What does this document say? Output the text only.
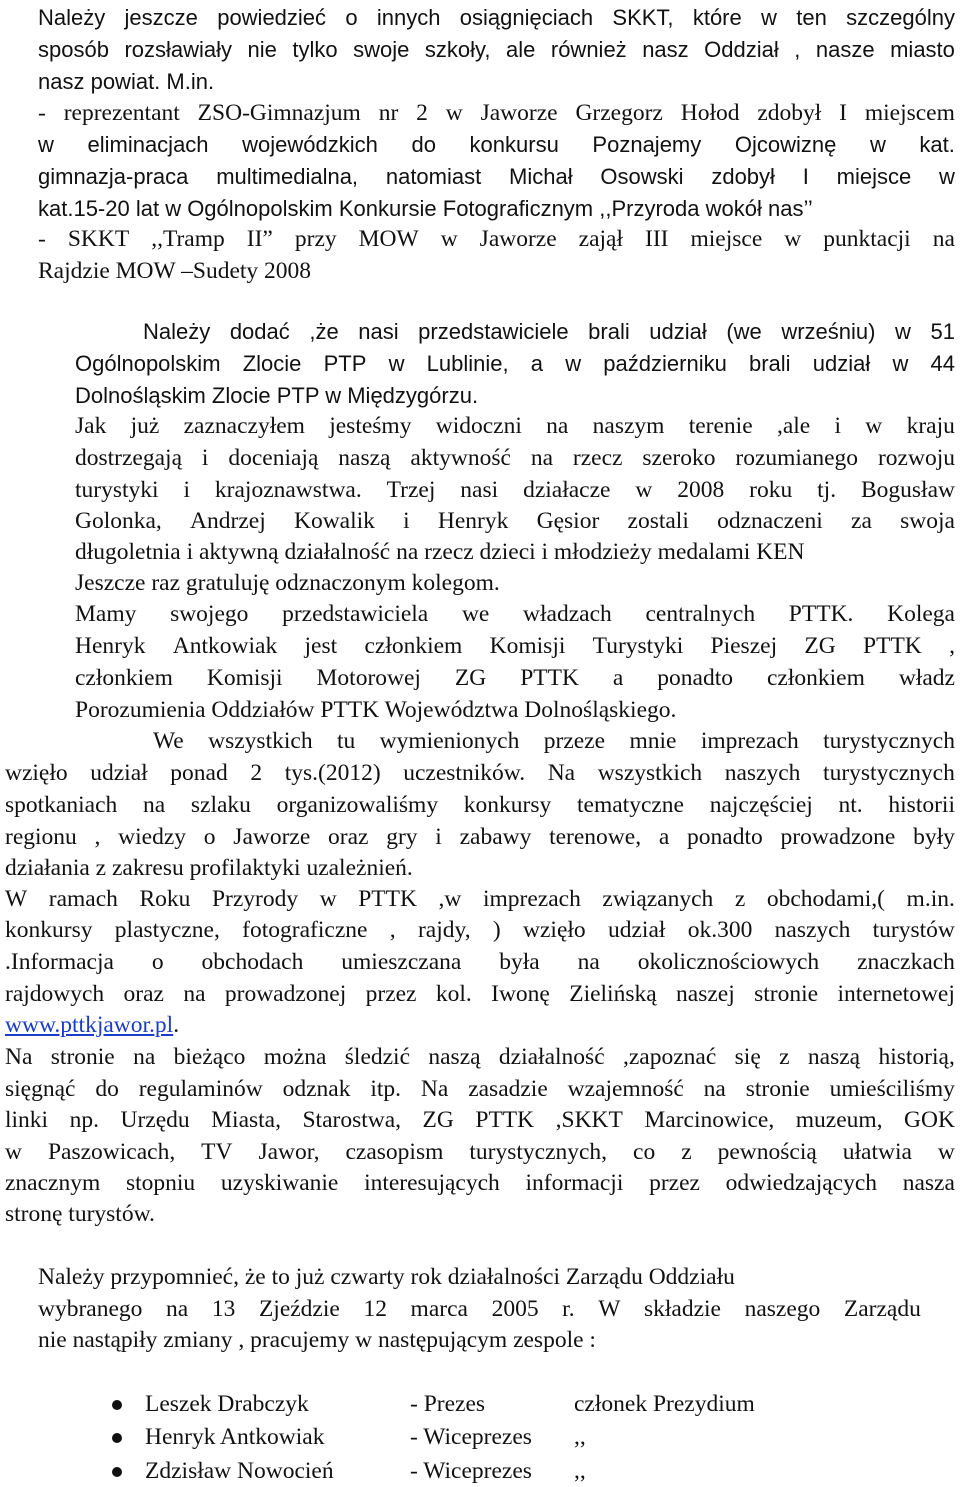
Należy jeszcze powiedzieć o innych osiągnięciach SKKT, które w ten szczególny

sposób rozsławiały nie tylko swoje szkoły, ale również nasz Oddział , nasze miasto

nasz powiat. M.in.

- reprezentant ZSO-Gimnazjum nr 2 w Jaworze Grzegorz Hołod zdobył I miejscem

w eliminacjach wojewódzkich do konkursu Poznajemy Ojcowiznę w kat.

gimnazja-praca multimedialna, natomiast Michał Osowski zdobył I miejsce w

kat.15-20 lat w Ogólnopolskim Konkursie Fotograficznym ,,Przyroda wokół nas’’

- SKKT ,,Tramp II” przy MOW w Jaworze zajął III miejsce w punktacji na

Rajdzie MOW –Sudety 2008

Należy dodać ,że nasi przedstawiciele brali udział (we wrześniu) w 51

Ogólnopolskim Zlocie PTP w Lublinie, a w październiku brali udział w 44

Dolnośląskim Zlocie PTP w Międzygórzu.

Jak już zaznaczyłem jesteśmy widoczni na naszym terenie ,ale i w kraju

dostrzegają i doceniają naszą aktywność na rzecz szeroko rozumianego rozwoju

turystyki i krajoznawstwa. Trzej nasi działacze w 2008 roku tj. Bogusław

Golonka, Andrzej Kowalik i Henryk Gęsior zostali odznaczeni za swoja

długoletnia i aktywną działalność na rzecz dzieci i młodzieży medalami KEN

Jeszcze raz gratuluję odznaczonym kolegom.

Mamy swojego przedstawiciela we władzach centralnych PTTK. Kolega

Henryk Antkowiak jest członkiem Komisji Turystyki Pieszej ZG PTTK ,

członkiem Komisji Motorowej ZG PTTK a ponadto członkiem władz

Porozumienia Oddziałów PTTK Województwa Dolnośląskiego.

We wszystkich tu wymienionych przeze mnie imprezach turystycznych

wzięło udział ponad 2 tys.(2012) uczestników. Na wszystkich naszych turystycznych

spotkaniach na szlaku organizowaliśmy konkursy tematyczne najczęściej nt. historii

regionu , wiedzy o Jaworze oraz gry i zabawy terenowe, a ponadto prowadzone były

działania z zakresu profilaktyki uzależnień.

W ramach Roku Przyrody w PTTK ,w imprezach związanych z obchodami,( m.in.

konkursy plastyczne, fotograficzne , rajdy, ) wzięło udział ok.300 naszych turystów

.Informacja o obchodach umieszczana była na okolicznościowych znaczkach

rajdowych oraz na prowadzonej przez kol. Iwonę Zielińską naszej stronie internetowej

Na stronie na bieżąco można śledzić naszą działalność ,zapoznać się z naszą historią,

sięgnąć do regulaminów odznak itp. Na zasadzie wzajemność na stronie umieściliśmy

linki np. Urzędu Miasta, Starostwa, ZG PTTK ,SKKT Marcinowice, muzeum, GOK

w Paszowicach, TV Jawor, czasopism turystycznych, co z pewnością ułatwia w

znacznym stopniu uzyskiwanie interesujących informacji przez odwiedzających nasza

stronę turystów.

Należy przypomnieć, że to już czwarty rok działalności Zarządu Oddziału

wybranego na 13 Zjeździe 12 marca 2005 r. W składzie naszego Zarządu

nie nastąpiły zmiany , pracujemy w następującym zespole :

www.pttkjawor.pl.

Leszek Drabczyk	- Prezes	członek Prezydium
Henryk Antkowiak	- Wiceprezes ,,
Zdzisław Nowocień	- Wiceprezes ,,
